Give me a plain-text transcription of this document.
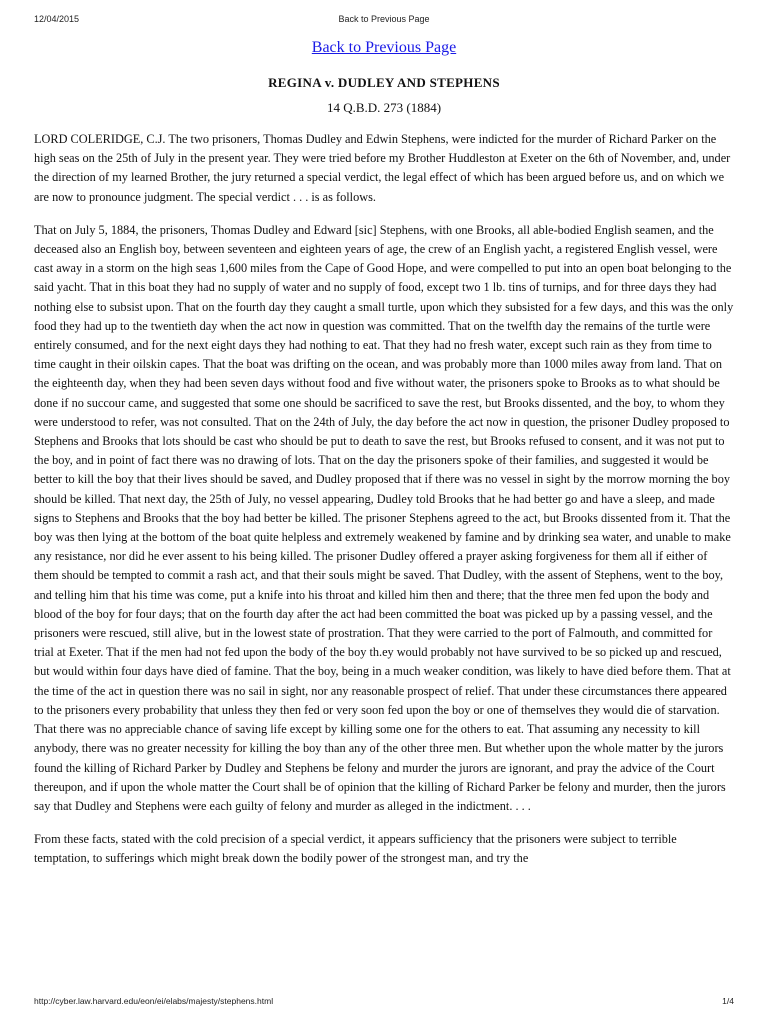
12/04/2015	Back to Previous Page
Back to Previous Page
REGINA v. DUDLEY AND STEPHENS
14 Q.B.D. 273 (1884)

LORD COLERIDGE, C.J. The two prisoners, Thomas Dudley and Edwin Stephens, were indicted for the murder of Richard Parker on the high seas on the 25th of July in the present year. They were tried before my Brother Huddleston at Exeter on the 6th of November, and, under the direction of my learned Brother, the jury returned a special verdict, the legal effect of which has been argued before us, and on which we are now to pronounce judgment. The special verdict . . . is as follows.

That on July 5, 1884, the prisoners, Thomas Dudley and Edward [sic] Stephens, with one Brooks, all able-bodied English seamen, and the deceased also an English boy, between seventeen and eighteen years of age, the crew of an English yacht, a registered English vessel, were cast away in a storm on the high seas 1,600 miles from the Cape of Good Hope, and were compelled to put into an open boat belonging to the said yacht. That in this boat they had no supply of water and no supply of food, except two 1 lb. tins of turnips, and for three days they had nothing else to subsist upon. That on the fourth day they caught a small turtle, upon which they subsisted for a few days, and this was the only food they had up to the twentieth day when the act now in question was committed. That on the twelfth day the remains of the turtle were entirely consumed, and for the next eight days they had nothing to eat. That they had no fresh water, except such rain as they from time to time caught in their oilskin capes. That the boat was drifting on the ocean, and was probably more than 1000 miles away from land. That on the eighteenth day, when they had been seven days without food and five without water, the prisoners spoke to Brooks as to what should be done if no succour came, and suggested that some one should be sacrificed to save the rest, but Brooks dissented, and the boy, to whom they were understood to refer, was not consulted. That on the 24th of July, the day before the act now in question, the prisoner Dudley proposed to Stephens and Brooks that lots should be cast who should be put to death to save the rest, but Brooks refused to consent, and it was not put to the boy, and in point of fact there was no drawing of lots. That on the day the prisoners spoke of their families, and suggested it would be better to kill the boy that their lives should be saved, and Dudley proposed that if there was no vessel in sight by the morrow morning the boy should be killed. That next day, the 25th of July, no vessel appearing, Dudley told Brooks that he had better go and have a sleep, and made signs to Stephens and Brooks that the boy had better be killed. The prisoner Stephens agreed to the act, but Brooks dissented from it. That the boy was then lying at the bottom of the boat quite helpless and extremely weakened by famine and by drinking sea water, and unable to make any resistance, nor did he ever assent to his being killed. The prisoner Dudley offered a prayer asking forgiveness for them all if either of them should be tempted to commit a rash act, and that their souls might be saved. That Dudley, with the assent of Stephens, went to the boy, and telling him that his time was come, put a knife into his throat and killed him then and there; that the three men fed upon the body and blood of the boy for four days; that on the fourth day after the act had been committed the boat was picked up by a passing vessel, and the prisoners were rescued, still alive, but in the lowest state of prostration. That they were carried to the port of Falmouth, and committed for trial at Exeter. That if the men had not fed upon the body of the boy th.ey would probably not have survived to be so picked up and rescued, but would within four days have died of famine. That the boy, being in a much weaker condition, was likely to have died before them. That at the time of the act in question there was no sail in sight, nor any reasonable prospect of relief. That under these circumstances there appeared to the prisoners every probability that unless they then fed or very soon fed upon the boy or one of themselves they would die of starvation. That there was no appreciable chance of saving life except by killing some one for the others to eat. That assuming any necessity to kill anybody, there was no greater necessity for killing the boy than any of the other three men. But whether upon the whole matter by the jurors found the killing of Richard Parker by Dudley and Stephens be felony and murder the jurors are ignorant, and pray the advice of the Court thereupon, and if upon the whole matter the Court shall be of opinion that the killing of Richard Parker be felony and murder, then the jurors say that Dudley and Stephens were each guilty of felony and murder as alleged in the indictment. . . .

From these facts, stated with the cold precision of a special verdict, it appears sufficiency that the prisoners were subject to terrible temptation, to sufferings which might break down the bodily power of the strongest man, and try the

http://cyber.law.harvard.edu/eon/ei/elabs/majesty/stephens.html	1/4
